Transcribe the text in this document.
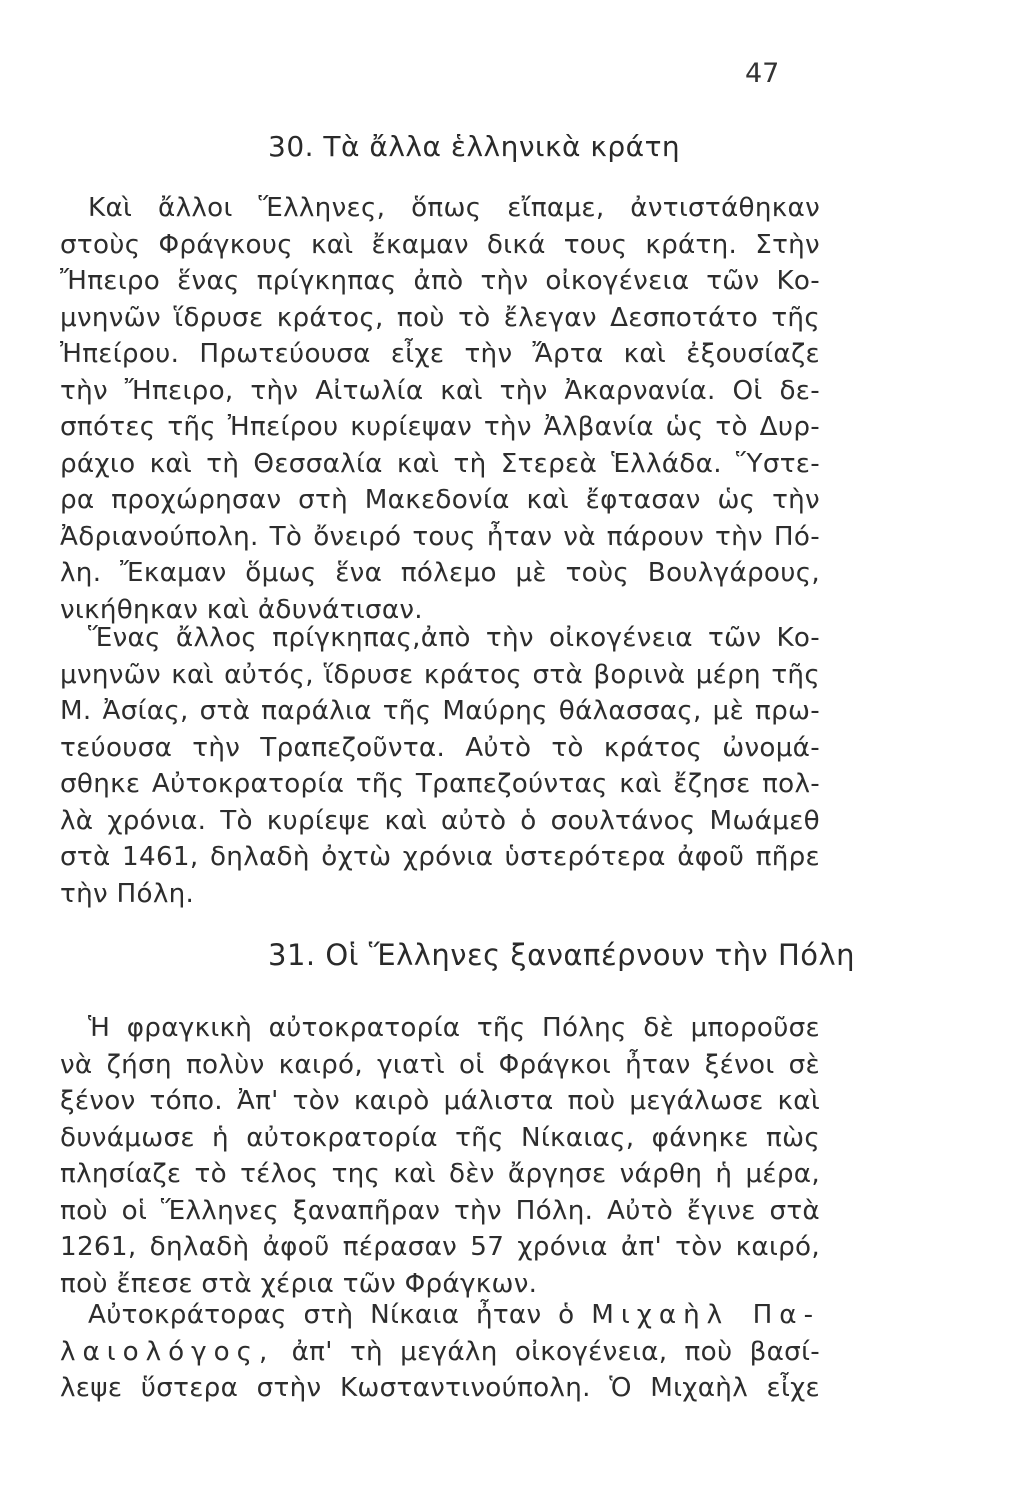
47
30. Τὰ ἄλλα ἑλληνικὰ κράτη
Καὶ ἄλλοι Ἕλληνες, ὅπως εἴπαμε, ἀντιστάθηκαν
στοὺς Φράγκους καὶ ἔκαμαν δικά τους κράτη. Στὴν
Ἤπειρο ἕνας πρίγκηπας ἀπὸ τὴν οἰκογένεια τῶν Κο-
μνηνῶν ἵδρυσε κράτος, ποὺ τὸ ἔλεγαν Δεσποτάτο τῆς
Ἠπείρου. Πρωτεύουσα εἶχε τὴν Ἄρτα καὶ ἐξουσίαζε
τὴν Ἤπειρο, τὴν Αἰτωλία καὶ τὴν Ἀκαρνανία. Οἱ δε-
σπότες τῆς Ἠπείρου κυρίεψαν τὴν Ἀλβανία ὡς τὸ Δυρ-
ράχιο καὶ τὴ Θεσσαλία καὶ τὴ Στερεὰ Ἑλλάδα. Ὕστε-
ρα προχώρησαν στὴ Μακεδονία καὶ ἔφτασαν ὡς τὴν
Ἀδριανούπολη. Τὸ ὄνειρό τους ἦταν νὰ πάρουν τὴν Πό-
λη. Ἔκαμαν ὅμως ἕνα πόλεμο μὲ τοὺς Βουλγάρους,
νικήθηκαν καὶ ἀδυνάτισαν.
Ἕνας ἄλλος πρίγκηπας,ἀπὸ τὴν οἰκογένεια τῶν Κο-
μνηνῶν καὶ αὐτός, ἵδρυσε κράτος στὰ βορινὰ μέρη τῆς
Μ. Ἀσίας, στὰ παράλια τῆς Μαύρης θάλασσας, μὲ πρω-
τεύουσα τὴν Τραπεζοῦντα. Αὐτὸ τὸ κράτος ὠνομά-
σθηκε Αὐτοκρατορία τῆς Τραπεζούντας καὶ ἔζησε πολ-
λὰ χρόνια. Τὸ κυρίεψε καὶ αὐτὸ ὁ σουλτάνος Μωάμεθ
στὰ 1461, δηλαδὴ ὀχτὼ χρόνια ὑστερότερα ἀφοῦ πῆρε
τὴν Πόλη.
31. Οἱ Ἕλληνες ξαναπέρνουν τὴν Πόλη
Ἡ φραγκικὴ αὐτοκρατορία τῆς Πόλης δὲ μποροῦσε
νὰ ζήση πολὺν καιρό, γιατὶ οἱ Φράγκοι ἦταν ξένοι σὲ
ξένον τόπο. Ἀπ' τὸν καιρὸ μάλιστα ποὺ μεγάλωσε καὶ
δυνάμωσε ἡ αὐτοκρατορία τῆς Νίκαιας, φάνηκε πὼς
πλησίαζε τὸ τέλος της καὶ δὲν ἄργησε νάρθη ἡ μέρα,
ποὺ οἱ Ἕλληνες ξαναπῆραν τὴν Πόλη. Αὐτὸ ἔγινε στὰ
1261, δηλαδὴ ἀφοῦ πέρασαν 57 χρόνια ἀπ' τὸν καιρό,
ποὺ ἔπεσε στὰ χέρια τῶν Φράγκων.
Αὐτοκράτορας στὴ Νίκαια ἦταν ὁ Μιχαὴλ Πα-
λαιολόγος, ἀπ' τὴ μεγάλη οἰκογένεια, ποὺ βασί-
λεψε ὕστερα στὴν Κωσταντινούπολη. Ὁ Μιχαὴλ εἶχε
